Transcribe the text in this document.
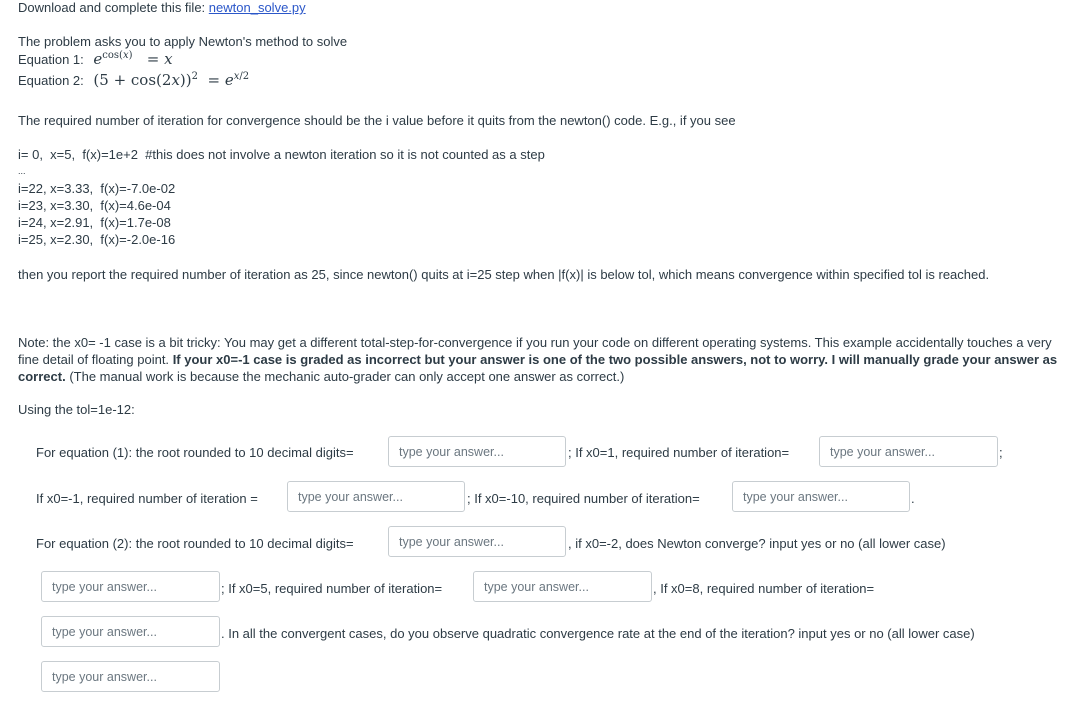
Download and complete this file: newton_solve.py
The problem asks you to apply Newton's method to solve
Equation 1: $e^{cos(x)} = x$
Equation 2: $(5 + \cos(2x))^2 = e^{x/2}$
The required number of iteration for convergence should be the i value before it quits from the newton() code. E.g., if you see
i= 0,  x=5,  f(x)=1e+2  #this does not involve a newton iteration so it is not counted as a step
...
i=22, x=3.33,  f(x)=-7.0e-02
i=23, x=3.30,  f(x)=4.6e-04
i=24, x=2.91,  f(x)=1.7e-08
i=25, x=2.30,  f(x)=-2.0e-16
then you report the required number of iteration as 25, since newton() quits at i=25 step when |f(x)| is below tol, which means convergence within specified tol is reached.
Note: the x0= -1 case is a bit tricky: You may get a different total-step-for-convergence if you run your code on different operating systems. This example accidentally touches a very fine detail of floating point. If your x0=-1 case is graded as incorrect but your answer is one of the two possible answers, not to worry. I will manually grade your answer as correct. (The manual work is because the mechanic auto-grader can only accept one answer as correct.)
Using the tol=1e-12:
For equation (1): the root rounded to 10 decimal digits=
type your answer...	; If x0=1, required number of iteration=
type your answer...	;
If x0=-1, required number of iteration =
type your answer...	; If x0=-10, required number of iteration=
type your answer...	.
For equation (2): the root rounded to 10 decimal digits=
type your answer...	, if x0=-2, does Newton converge? input yes or no (all lower case)
type your answer...
; If x0=5, required number of iteration=
type your answer...	, If x0=8, required number of iteration=
type your answer...
. In all the convergent cases, do you observe quadratic convergence rate at the end of the iteration? input yes or no (all lower case)
type your answer...
